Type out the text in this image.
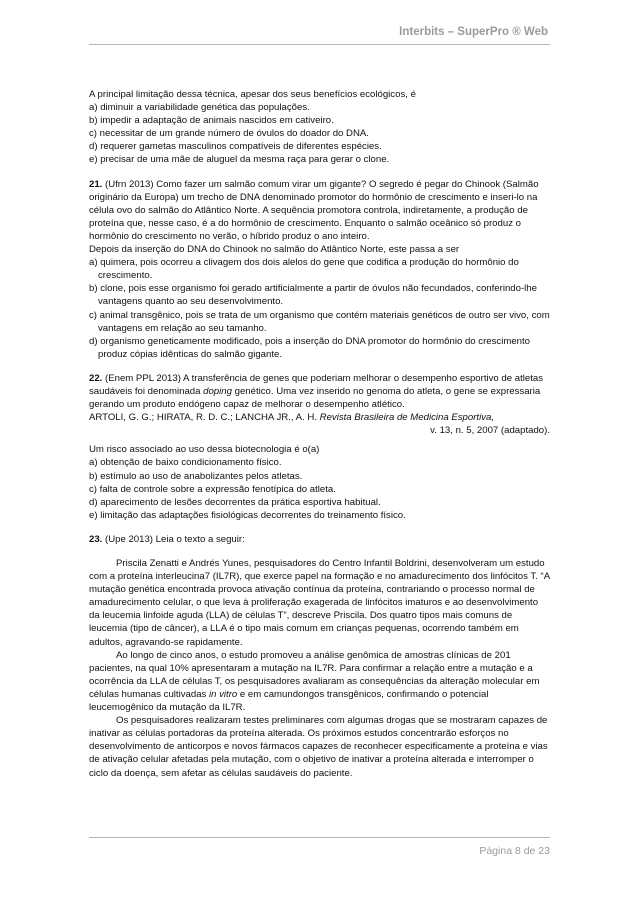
Interbits – SuperPro ® Web

A principal limitação dessa técnica, apesar dos seus benefícios ecológicos, é

a) diminuir a variabilidade genética das populações.

b) impedir a adaptação de animais nascidos em cativeiro.

c) necessitar de um grande número de óvulos do doador do DNA.

d) requerer gametas masculinos compatíveis de diferentes espécies.

e) precisar de uma mãe de aluguel da mesma raça para gerar o clone.

21. (Ufrn 2013) Como fazer um salmão comum virar um gigante? O segredo é pegar do Chinook (Salmão originário da Europa) um trecho de DNA denominado promotor do hormônio de crescimento e inseri-lo na célula ovo do salmão do Atlântico Norte. A sequência promotora controla, indiretamente, a produção de proteína que, nesse caso, é a do hormônio de crescimento. Enquanto o salmão oceânico só produz o hormônio do crescimento no verão, o híbrido produz o ano inteiro.

Depois da inserção do DNA do Chinook no salmão do Atlântico Norte, este passa a ser

a) quimera, pois ocorreu a clivagem dos dois alelos do gene que codifica a produção do hormônio do crescimento.

b) clone, pois esse organismo foi gerado artificialmente a partir de óvulos não fecundados, conferindo-lhe vantagens quanto ao seu desenvolvimento.

c) animal transgênico, pois se trata de um organismo que contém materiais genéticos de outro ser vivo, com vantagens em relação ao seu tamanho.

d) organismo geneticamente modificado, pois a inserção do DNA promotor do hormônio do crescimento produz cópias idênticas do salmão gigante.

22. (Enem PPL 2013) A transferência de genes que poderiam melhorar o desempenho esportivo de atletas saudáveis foi denominada doping genético. Uma vez inserido no genoma do atleta, o gene se expressaria gerando um produto endógeno capaz de melhorar o desempenho atlético.

ARTOLI, G. G.; HIRATA, R. D. C.; LANCHA JR., A. H. Revista Brasileira de Medicina Esportiva,

v. 13, n. 5, 2007 (adaptado).

Um risco associado ao uso dessa biotecnologia é o(a)

a) obtenção de baixo condicionamento físico.

b) estímulo ao uso de anabolizantes pelos atletas.

c) falta de controle sobre a expressão fenotípica do atleta.

d) aparecimento de lesões decorrentes da prática esportiva habitual.

e) limitação das adaptações fisiológicas decorrentes do treinamento físico.

23. (Upe 2013) Leia o texto a seguir:

Priscila Zenatti e Andrés Yunes, pesquisadores do Centro Infantil Boldrini, desenvolveram um estudo com a proteína interleucina7 (IL7R), que exerce papel na formação e no amadurecimento dos linfócitos T. “A mutação genética encontrada provoca ativação contínua da proteína, contrariando o processo normal de amadurecimento celular, o que leva à proliferação exagerada de linfócitos imaturos e ao desenvolvimento da leucemia linfoide aguda (LLA) de células T”, descreve Priscila. Dos quatro tipos mais comuns de leucemia (tipo de câncer), a LLA é o tipo mais comum em crianças pequenas, ocorrendo também em adultos, agravando-se rapidamente.

Ao longo de cinco anos, o estudo promoveu a análise genômica de amostras clínicas de 201 pacientes, na qual 10% apresentaram a mutação na IL7R. Para confirmar a relação entre a mutação e a ocorrência da LLA de células T, os pesquisadores avaliaram as consequências da alteração molecular em células humanas cultivadas in vitro e em camundongos transgênicos, confirmando o potencial leucemogênico da mutação da IL7R.

Os pesquisadores realizaram testes preliminares com algumas drogas que se mostraram capazes de inativar as células portadoras da proteína alterada. Os próximos estudos concentrarão esforços no desenvolvimento de anticorpos e novos fármacos capazes de reconhecer especificamente a proteína e vias de ativação celular afetadas pela mutação, com o objetivo de inativar a proteína alterada e interromper o ciclo da doença, sem afetar as células saudáveis do paciente.

Página 8 de 23
